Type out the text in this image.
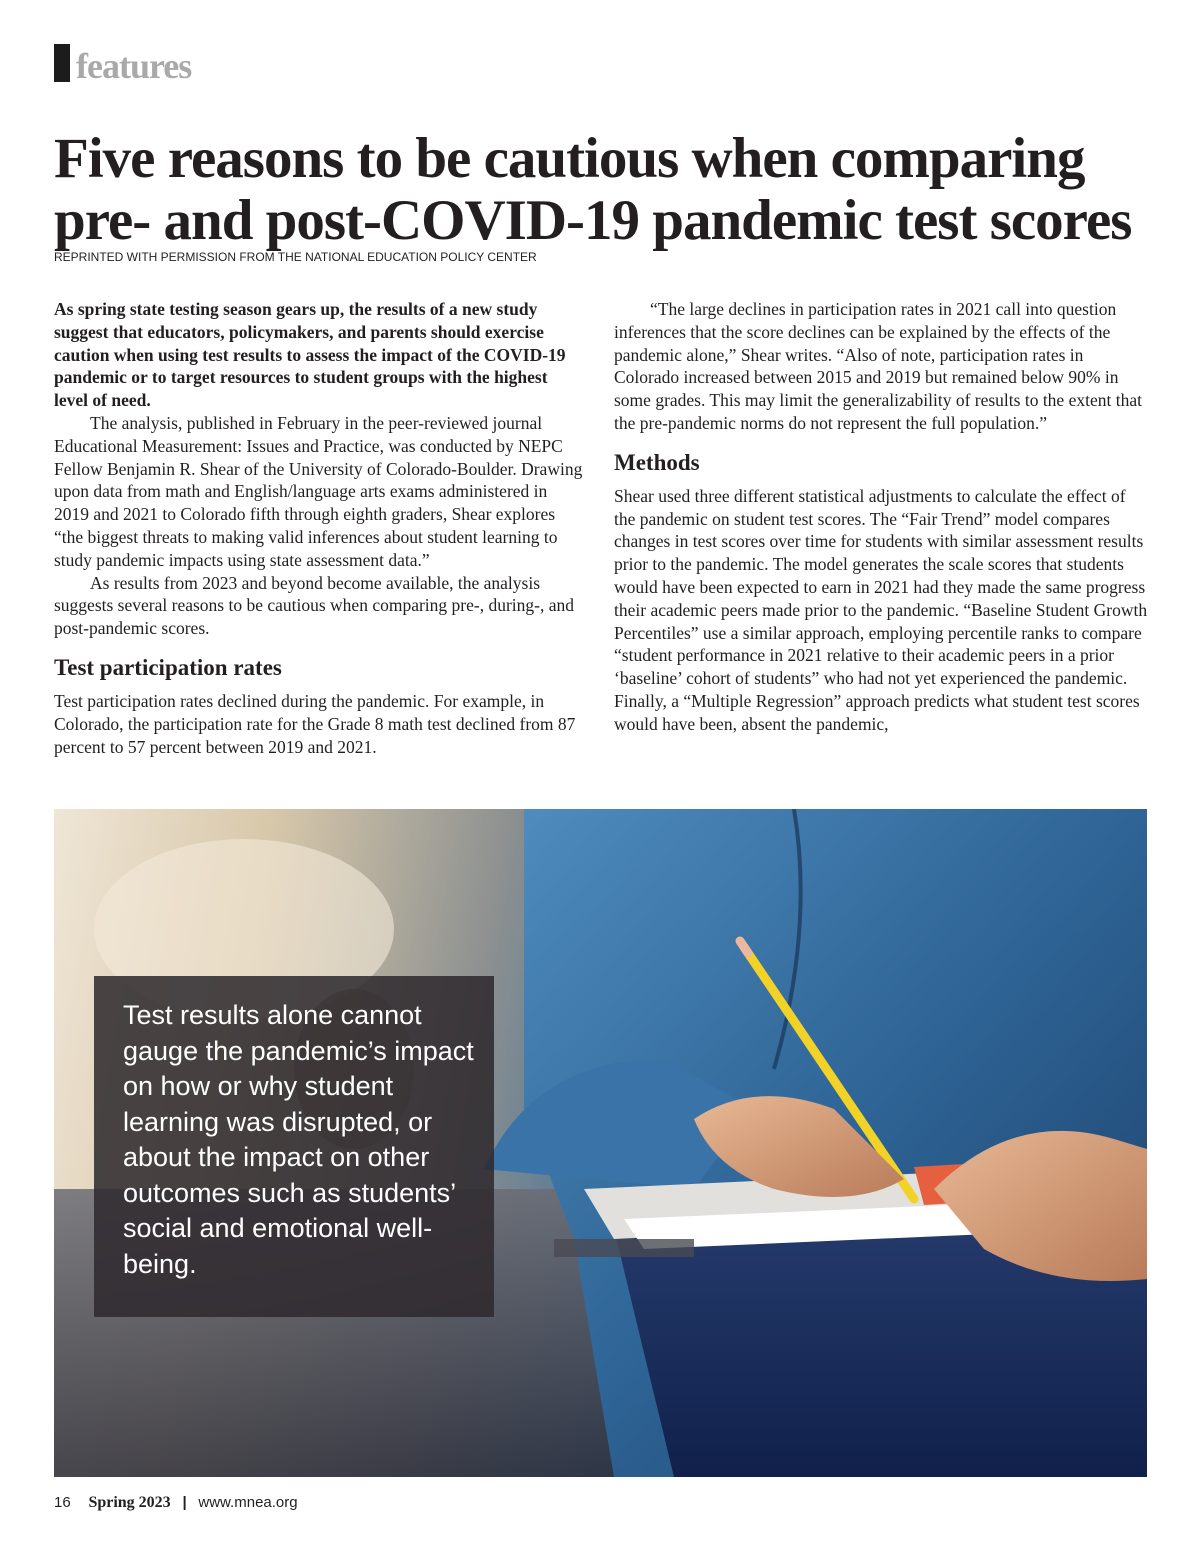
features
Five reasons to be cautious when comparing
pre- and post-COVID-19 pandemic test scores
REPRINTED WITH PERMISSION FROM THE NATIONAL EDUCATION POLICY CENTER

As spring state testing season gears up, the results of a new study suggest that educators, policymakers, and parents should exercise caution when using test results to assess the impact of the COVID-19 pandemic or to target resources to student groups with the highest level of need.

The analysis, published in February in the peer-reviewed journal Educational Measurement: Issues and Practice, was conducted by NEPC Fellow Benjamin R. Shear of the University of Colorado-Boulder. Drawing upon data from math and English/language arts exams administered in 2019 and 2021 to Colorado fifth through eighth graders, Shear explores “the biggest threats to making valid inferences about student learning to study pandemic impacts using state assessment data.”

As results from 2023 and beyond become available, the analysis suggests several reasons to be cautious when comparing pre-, during-, and post-pandemic scores.

Test participation rates

Test participation rates declined during the pandemic. For example, in Colorado, the participation rate for the Grade 8 math test declined from 87 percent to 57 percent between 2019 and 2021.

“The large declines in participation rates in 2021 call into question inferences that the score declines can be explained by the effects of the pandemic alone,” Shear writes. “Also of note, participation rates in Colorado increased between 2015 and 2019 but remained below 90% in some grades. This may limit the generalizability of results to the extent that the pre-pandemic norms do not represent the full population.”

Methods

Shear used three different statistical adjustments to calculate the effect of the pandemic on student test scores. The “Fair Trend” model compares changes in test scores over time for students with similar assessment results prior to the pandemic. The model generates the scale scores that students would have been expected to earn in 2021 had they made the same progress their academic peers made prior to the pandemic. “Baseline Student Growth Percentiles” use a similar approach, employing percentile ranks to compare “student performance in 2021 relative to their academic peers in a prior ‘baseline’ cohort of students” who had not yet experienced the pandemic. Finally, a “Multiple Regression” approach predicts what student test scores would have been, absent the pandemic,

Test results alone cannot gauge the pandemic’s impact on how or why student learning was disrupted, or about the impact on other outcomes such as students’ social and emotional well-being.

16 Spring 2023 | www.mnea.org
